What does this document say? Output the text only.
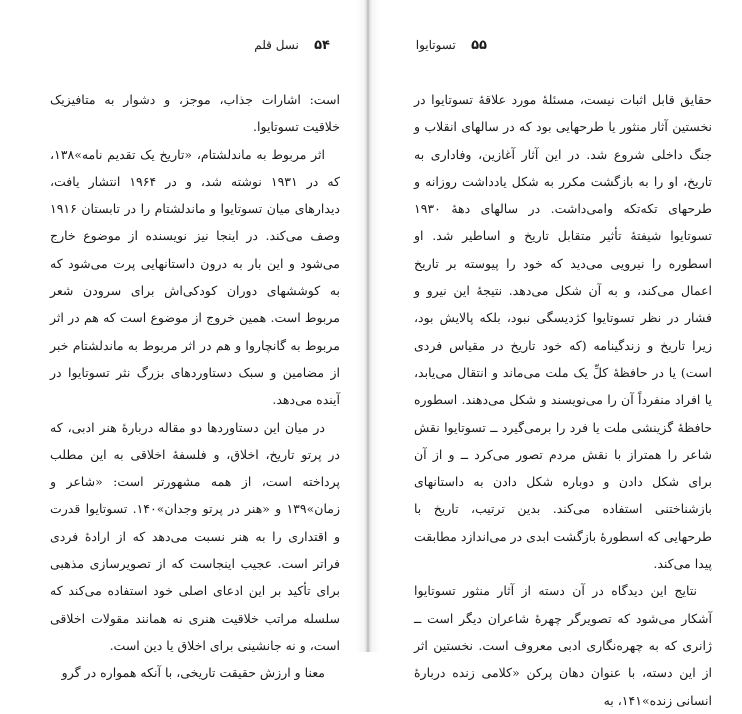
۵۴    نسل قلم

است: اشارات جذاب، موجز، و دشوار به متافیزیک خلاقیت تسوتایوا.

اثر مربوط به ماندلشتام، «تاریخ یک تقدیم نامه»۱۳۸، که در ۱۹۳۱ نوشته شد، و در ۱۹۶۴ انتشار یافت، دیدارهای میان تسوتایوا و ماندلشتام را در تابستان ۱۹۱۶ وصف می‌کند. در اینجا نیز نویسنده از موضوع خارج می‌شود و این بار به درون داستانهایی پرت می‌شود که به کوششهای دوران کودکی‌اش برای سرودن شعر مربوط است. همین خروج از موضوع است که هم در اثر مربوط به گانچاروا و هم در اثر مربوط به ماندلشتام خبر از مضامین و سبک دستاوردهای بزرگ نثر تسوتایوا در آینده می‌دهد.

در میان این دستاوردها دو مقاله دربارهٔ هنر ادبی، که در پرتو تاریخ، اخلاق، و فلسفهٔ اخلاقی به این مطلب پرداخته است، از همه مشهورتر است: «شاعر و زمان»۱۳۹ و «هنر در پرتو وجدان»۱۴۰. تسوتایوا قدرت و اقتداری را به هنر نسبت می‌دهد که از ارادهٔ فردی فراتر است. عجیب اینجاست که از تصویرسازی مذهبی برای تأکید بر این ادعای اصلی خود استفاده می‌کند که سلسله مراتب خلاقیت هنری نه همانند مقولات اخلاقی است، و نه جانشینی برای اخلاق یا دین است.

معنا و ارزش حقیقت تاریخی، با آنکه همواره در گرو

۵۵    تسوتایوا

حقایق قابل اثبات نیست، مسئلهٔ مورد علاقهٔ تسوتایوا در نخستین آثار منثور یا طرحهایی بود که در سالهای انقلاب و جنگ داخلی شروع شد. در این آثار آغازین، وفاداری به تاریخ، او را به بازگشت مکرر به شکل یادداشت روزانه و طرحهای تکه‌تکه وامی‌داشت. در سالهای دههٔ ۱۹۳۰ تسوتایوا شیفتهٔ تأثیر متقابل تاریخ و اساطیر شد. او اسطوره را نیرویی می‌دید که خود را پیوسته بر تاریخ اعمال می‌کند، و به آن شکل می‌دهد. نتیجهٔ این نیرو و فشار در نظر تسوتایوا کژدیسگی نبود، بلکه پالایش بود، زیرا تاریخ و زندگینامه (که خود تاریخ در مقیاس فردی است) یا در حافظهٔ کلِّ یک ملت می‌ماند و انتقال می‌یابد، یا افراد منفرداً آن را می‌نویسند و شکل می‌دهند. اسطوره حافظهٔ گزینشی ملت یا فرد را برمی‌گیرد ــ تسوتایوا نقش شاعر را همتراز با نقش مردم تصور می‌کرد ــ و از آن برای شکل دادن و دوباره شکل دادن به داستانهای بازشناختنی استفاده می‌کند. بدین ترتیب، تاریخ با طرحهایی که اسطورهٔ بازگشت ابدی در می‌اندازد مطابقت پیدا می‌کند.

نتایج این دیدگاه در آن دسته از آثار منثور تسوتایوا آشکار می‌شود که تصویرگر چهرهٔ شاعران دیگر است ــ ژانری که به چهره‌نگاری ادبی معروف است. نخستین اثر از این دسته، با عنوان دهان پرکن «کلامی زنده دربارهٔ انسانی زنده»۱۴۱، به
